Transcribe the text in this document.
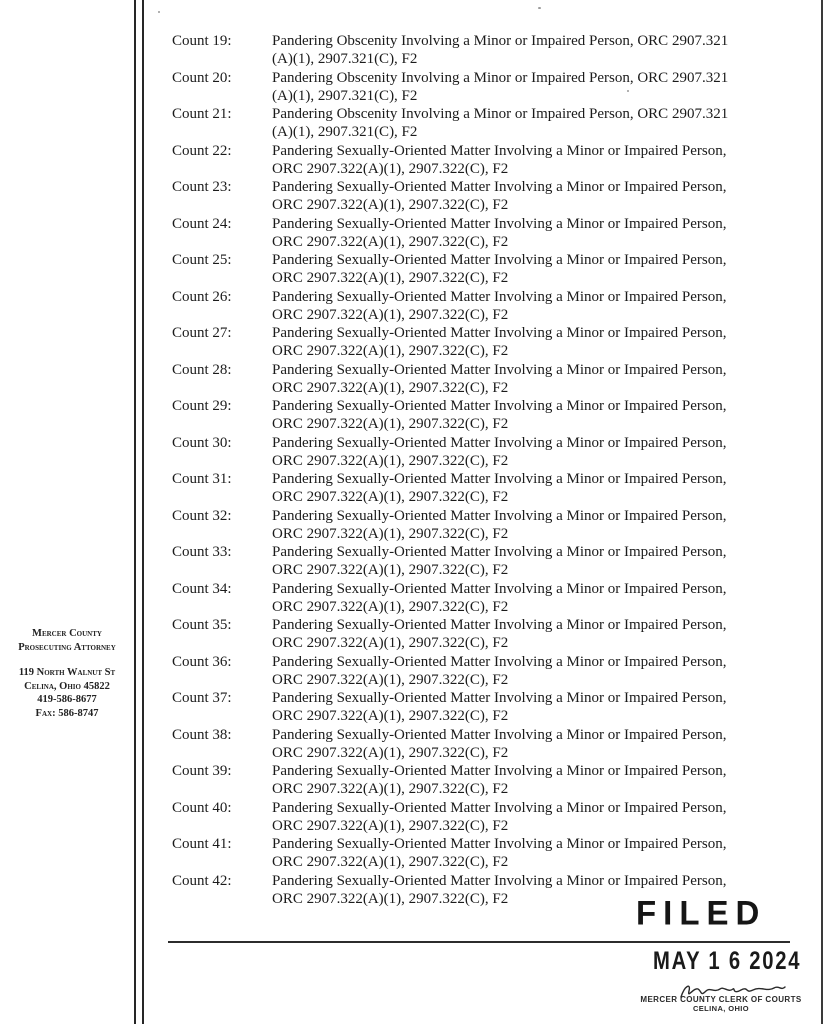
Mercer County
Prosecuting Attorney
119 North Walnut St
Celina, Ohio 45822
419-586-8677
Fax: 586-8747
Count 19:	Pandering Obscenity Involving a Minor or Impaired Person, ORC 2907.321
(A)(1), 2907.321(C), F2
Count 20:	Pandering Obscenity Involving a Minor or Impaired Person, ORC 2907.321
(A)(1), 2907.321(C), F2
Count 21:	Pandering Obscenity Involving a Minor or Impaired Person, ORC 2907.321
(A)(1), 2907.321(C), F2
Count 22:	Pandering Sexually-Oriented Matter Involving a Minor or Impaired Person,
ORC 2907.322(A)(1), 2907.322(C), F2
Count 23:	Pandering Sexually-Oriented Matter Involving a Minor or Impaired Person,
ORC 2907.322(A)(1), 2907.322(C), F2
Count 24:	Pandering Sexually-Oriented Matter Involving a Minor or Impaired Person,
ORC 2907.322(A)(1), 2907.322(C), F2
Count 25:	Pandering Sexually-Oriented Matter Involving a Minor or Impaired Person,
ORC 2907.322(A)(1), 2907.322(C), F2
Count 26:	Pandering Sexually-Oriented Matter Involving a Minor or Impaired Person,
ORC 2907.322(A)(1), 2907.322(C), F2
Count 27:	Pandering Sexually-Oriented Matter Involving a Minor or Impaired Person,
ORC 2907.322(A)(1), 2907.322(C), F2
Count 28:	Pandering Sexually-Oriented Matter Involving a Minor or Impaired Person,
ORC 2907.322(A)(1), 2907.322(C), F2
Count 29:	Pandering Sexually-Oriented Matter Involving a Minor or Impaired Person,
ORC 2907.322(A)(1), 2907.322(C), F2
Count 30:	Pandering Sexually-Oriented Matter Involving a Minor or Impaired Person,
ORC 2907.322(A)(1), 2907.322(C), F2
Count 31:	Pandering Sexually-Oriented Matter Involving a Minor or Impaired Person,
ORC 2907.322(A)(1), 2907.322(C), F2
Count 32:	Pandering Sexually-Oriented Matter Involving a Minor or Impaired Person,
ORC 2907.322(A)(1), 2907.322(C), F2
Count 33:	Pandering Sexually-Oriented Matter Involving a Minor or Impaired Person,
ORC 2907.322(A)(1), 2907.322(C), F2
Count 34:	Pandering Sexually-Oriented Matter Involving a Minor or Impaired Person,
ORC 2907.322(A)(1), 2907.322(C), F2
Count 35:	Pandering Sexually-Oriented Matter Involving a Minor or Impaired Person,
ORC 2907.322(A)(1), 2907.322(C), F2
Count 36:	Pandering Sexually-Oriented Matter Involving a Minor or Impaired Person,
ORC 2907.322(A)(1), 2907.322(C), F2
Count 37:	Pandering Sexually-Oriented Matter Involving a Minor or Impaired Person,
ORC 2907.322(A)(1), 2907.322(C), F2
Count 38:	Pandering Sexually-Oriented Matter Involving a Minor or Impaired Person,
ORC 2907.322(A)(1), 2907.322(C), F2
Count 39:	Pandering Sexually-Oriented Matter Involving a Minor or Impaired Person,
ORC 2907.322(A)(1), 2907.322(C), F2
Count 40:	Pandering Sexually-Oriented Matter Involving a Minor or Impaired Person,
ORC 2907.322(A)(1), 2907.322(C), F2
Count 41:	Pandering Sexually-Oriented Matter Involving a Minor or Impaired Person,
ORC 2907.322(A)(1), 2907.322(C), F2
Count 42:	Pandering Sexually-Oriented Matter Involving a Minor or Impaired Person,
ORC 2907.322(A)(1), 2907.322(C), F2	FILED
MAY 1 6 2024
MERCER COUNTY CLERK OF COURTS
CELINA, OHIO
